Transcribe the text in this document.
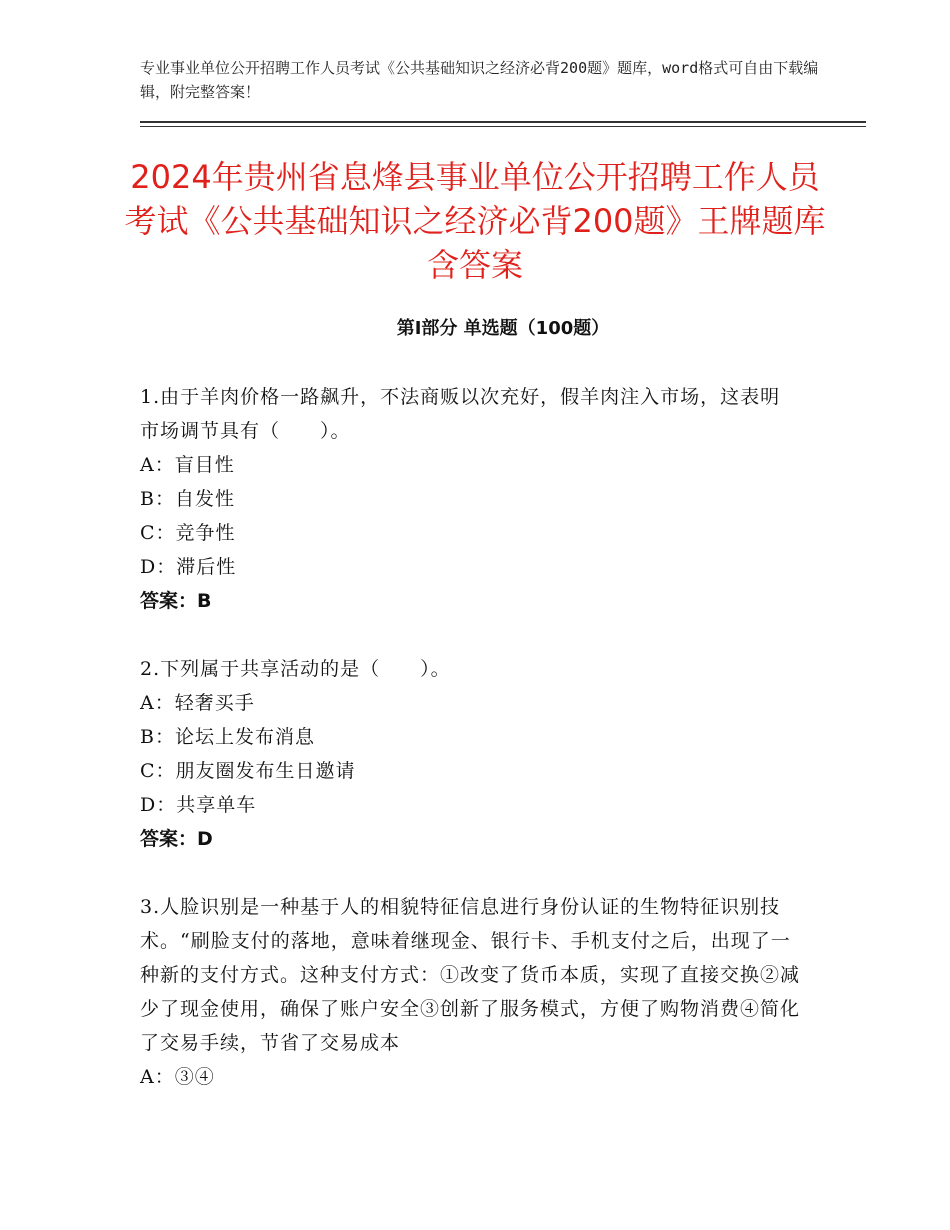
专业事业单位公开招聘工作人员考试《公共基础知识之经济必背200题》题库，word格式可自由下载编辑，附完整答案！
2024年贵州省息烽县事业单位公开招聘工作人员考试《公共基础知识之经济必背200题》王牌题库含答案
第Ⅰ部分 单选题（100题）
1.由于羊肉价格一路飙升，不法商贩以次充好，假羊肉注入市场，这表明市场调节具有（　　）。
A：盲目性
B：自发性
C：竞争性
D：滞后性
答案：B
2.下列属于共享活动的是（　　）。
A：轻奢买手
B：论坛上发布消息
C：朋友圈发布生日邀请
D：共享单车
答案：D
3.人脸识别是一种基于人的相貌特征信息进行身份认证的生物特征识别技术。“刷脸支付的落地，意味着继现金、银行卡、手机支付之后，出现了一种新的支付方式。这种支付方式：①改变了货币本质，实现了直接交换②减少了现金使用，确保了账户安全③创新了服务模式，方便了购物消费④简化了交易手续，节省了交易成本
A：③④
